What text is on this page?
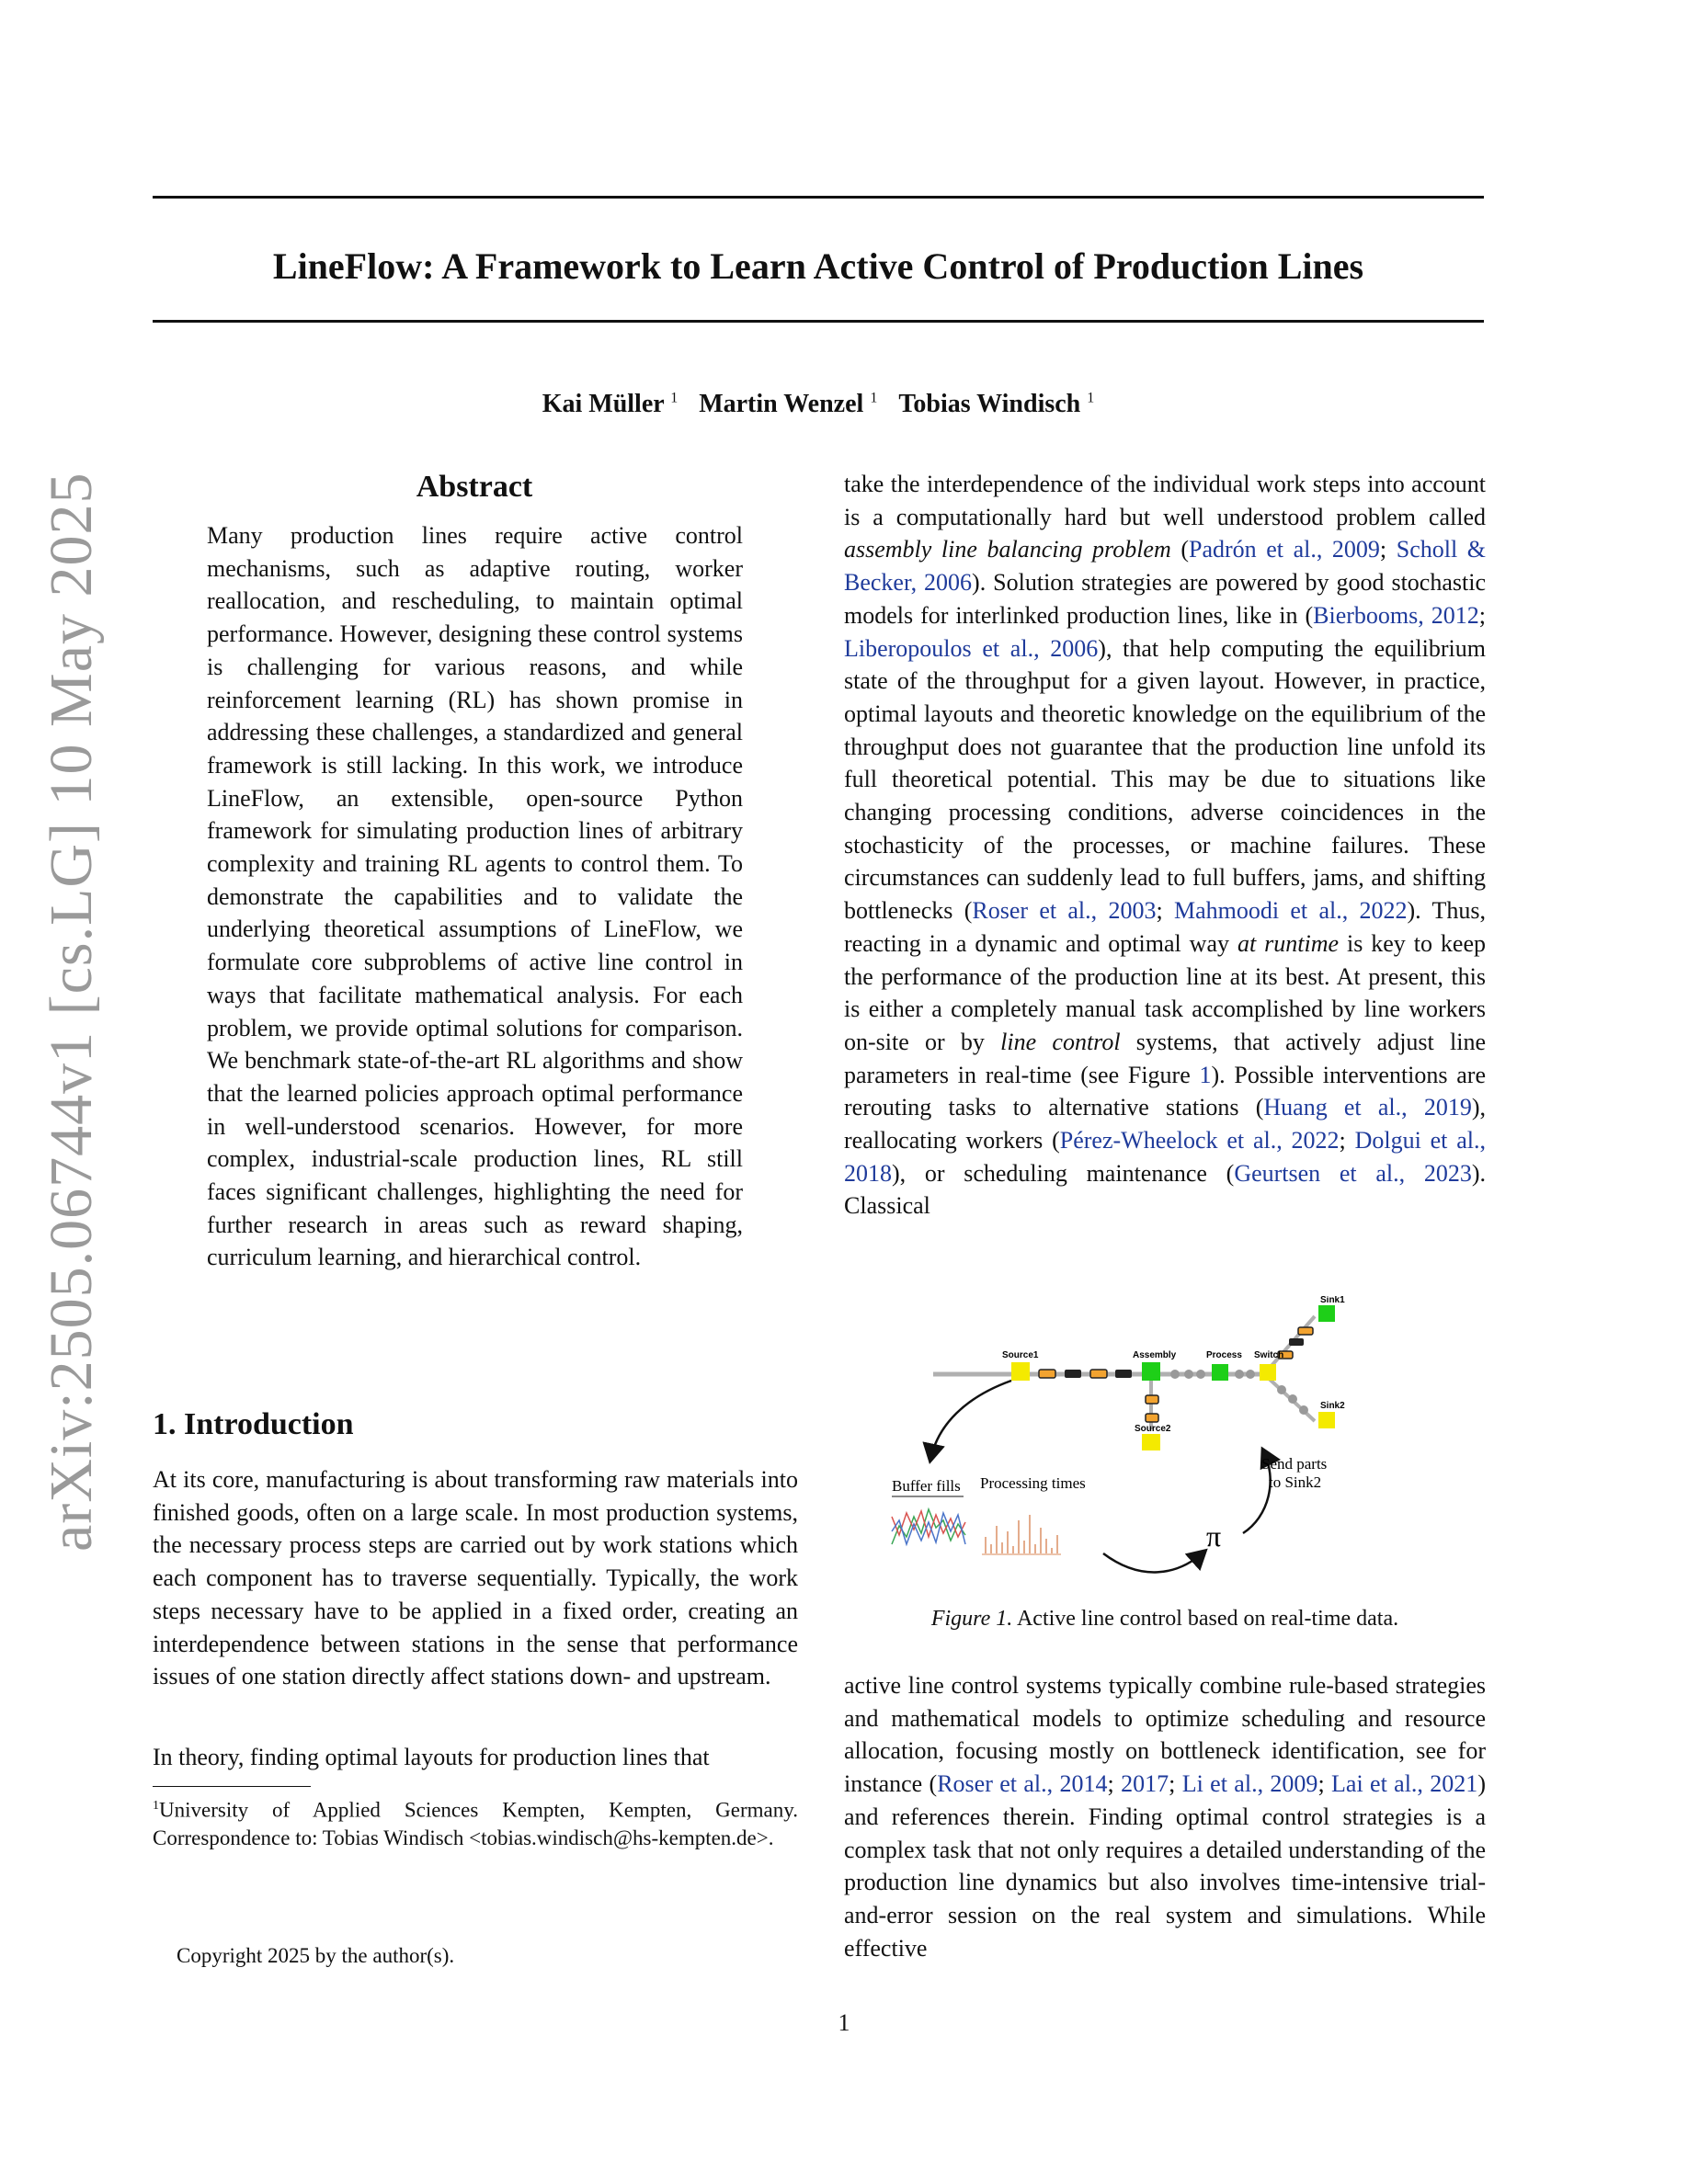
LineFlow: A Framework to Learn Active Control of Production Lines
Kai Müller $^1$ Martin Wenzel $^1$ Tobias Windisch $^1$
arXiv:2505.06744v1 [cs.LG] 10 May 2025	Abstract

Many production lines require active control mechanisms, such as adaptive routing, worker reallocation, and rescheduling, to maintain optimal performance. However, designing these control systems is challenging for various reasons, and while reinforcement learning (RL) has shown promise in addressing these challenges, a standardized and general framework is still lacking. In this work, we introduce LineFlow, an extensible, open-source Python framework for simulating production lines of arbitrary complexity and training RL agents to control them. To demonstrate the capabilities and to validate the underlying theoretical assumptions of LineFlow, we formulate core subproblems of active line control in ways that facilitate mathematical analysis. For each problem, we provide optimal solutions for comparison. We benchmark state-of-the-art RL algorithms and show that the learned policies approach optimal performance in well-understood scenarios. However, for more complex, industrial-scale production lines, RL still faces significant challenges, highlighting the need for further research in areas such as reward shaping, curriculum learning, and hierarchical control.

1. Introduction

At its core, manufacturing is about transforming raw materials into finished goods, often on a large scale. In most production systems, the necessary process steps are carried out by work stations which each component has to traverse sequentially. Typically, the work steps necessary have to be applied in a fixed order, creating an interdependence between stations in the sense that performance issues of one station directly affect stations down- and upstream.

In theory, finding optimal layouts for production lines that

$^1$University of Applied Sciences Kempten, Kempten, Germany. Correspondence to: Tobias Windisch <tobias.windisch@hs-kempten.de>.
Copyright 2025 by the author(s).

take the interdependence of the individual work steps into account is a computationally hard but well understood problem called assembly line balancing problem (Padrón et al., 2009; Scholl & Becker, 2006). Solution strategies are powered by good stochastic models for interlinked production lines, like in (Bierbooms, 2012; Liberopoulos et al., 2006), that help computing the equilibrium state of the throughput for a given layout. However, in practice, optimal layouts and theoretic knowledge on the equilibrium of the throughput does not guarantee that the production line unfold its full theoretical potential. This may be due to situations like changing processing conditions, adverse coincidences in the stochasticity of the processes, or machine failures. These circumstances can suddenly lead to full buffers, jams, and shifting bottlenecks (Roser et al., 2003; Mahmoodi et al., 2022). Thus, reacting in a dynamic and optimal way at runtime is key to keep the performance of the production line at its best. At present, this is either a completely manual task accomplished by line workers on-site or by line control systems, that actively adjust line parameters in real-time (see Figure 1). Possible interventions are rerouting tasks to alternative stations (Huang et al., 2019), reallocating workers (Pérez-Wheelock et al., 2022; Dolgui et al., 2018), or scheduling maintenance (Geurtsen et al., 2023). Classical

Source1	Assembly	Process Switch
Sink1
Sink2
Source2
Buffer fills Processing times
Send parts
to Sink2
π
Figure 1. Active line control based on real-time data.

active line control systems typically combine rule-based strategies and mathematical models to optimize scheduling and resource allocation, focusing mostly on bottleneck identification, see for instance (Roser et al., 2014; 2017; Li et al., 2009; Lai et al., 2021) and references therein. Finding optimal control strategies is a complex task that not only requires a detailed understanding of the production line dynamics but also involves time-intensive trial-and-error session on the real system and simulations. While effective

1
